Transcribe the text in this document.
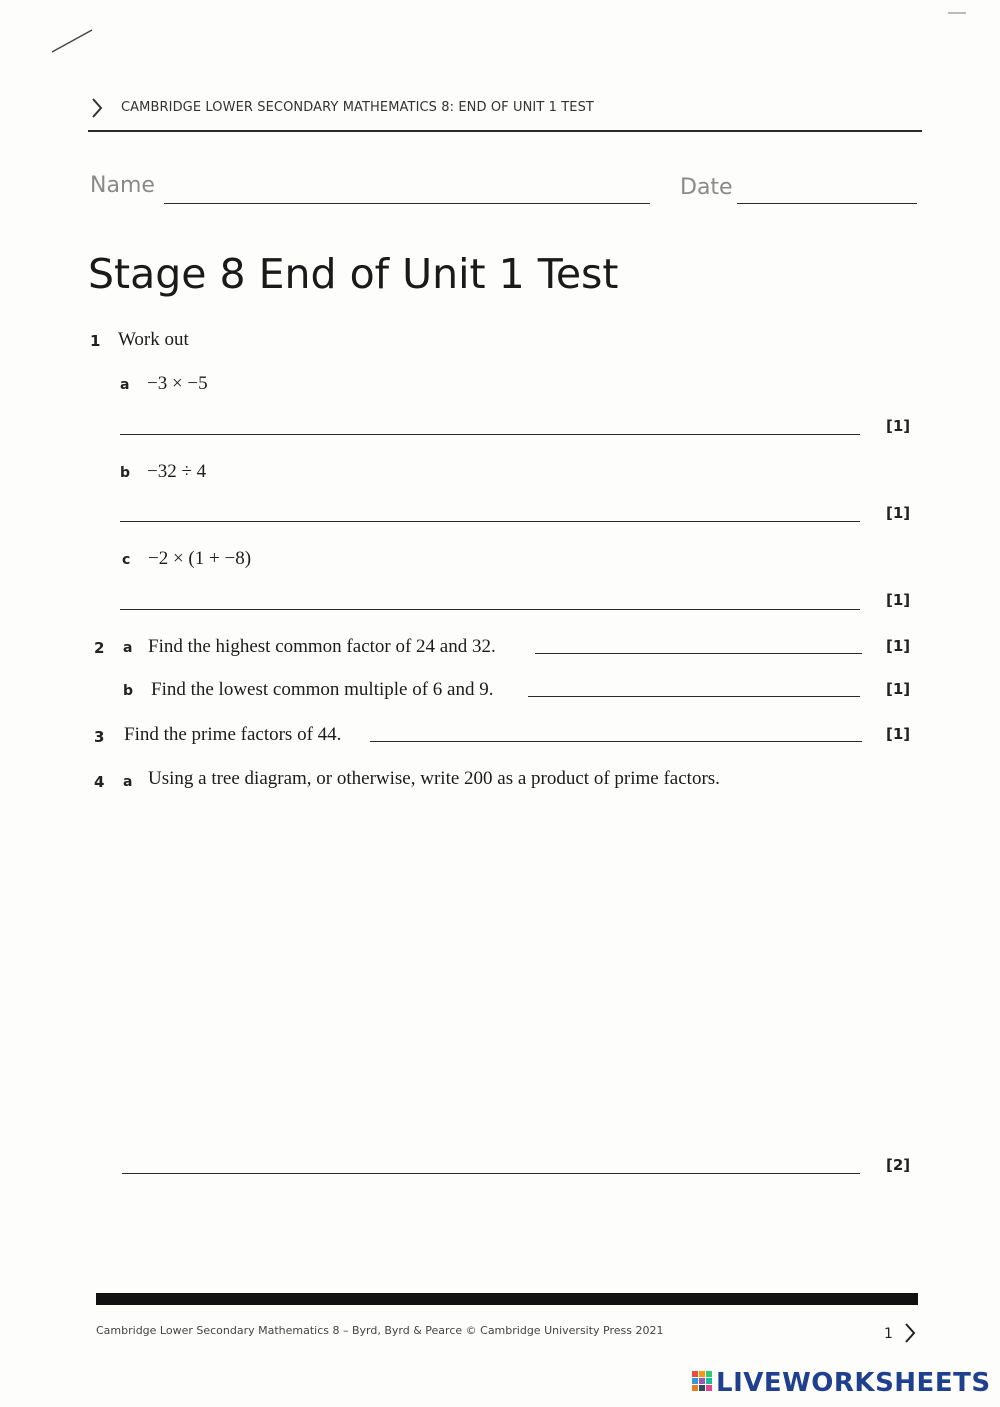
CAMBRIDGE LOWER SECONDARY MATHEMATICS 8: END OF UNIT 1 TEST
Name	Date
Stage 8 End of Unit 1 Test
1 Work out
a −3 × −5
[1]
b −32 ÷ 4
[1]
c −2 × (1 + −8)
[1]
2 a Find the highest common factor of 24 and 32.	[1]
b Find the lowest common multiple of 6 and 9.	[1]
3 Find the prime factors of 44.	[1]
4 a Using a tree diagram, or otherwise, write 200 as a product of prime factors.
[2]
Cambridge Lower Secondary Mathematics 8 – Byrd, Byrd & Pearce © Cambridge University Press 2021	1
LIVEWORKSHEETS
